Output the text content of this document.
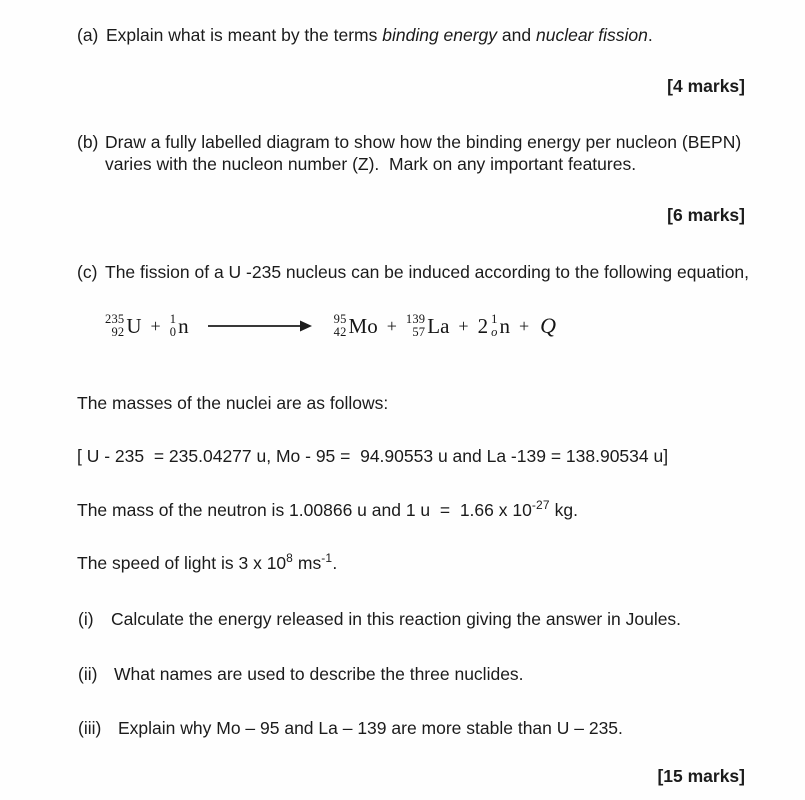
(a) Explain what is meant by the terms binding energy and nuclear fission.
[4 marks]
(b) Draw a fully labelled diagram to show how the binding energy per nucleon (BEPN)
varies with the nucleon number (Z).  Mark on any important features.
[6 marks]
(c) The fission of a U -235 nucleus can be induced according to the following equation,
235
92 U + 1
0 n	95
42 Mo + 139
57 La + 2 1
o n + Q
The masses of the nuclei are as follows:
[ U - 235  = 235.04277 u, Mo - 95 =  94.90553 u and La -139 = 138.90534 u]
The mass of the neutron is 1.00866 u and 1 u  =  1.66 x $10^{-27}$ kg.
The speed of light is 3 x $10^8$ $ms^{-1}$.
(i) Calculate the energy released in this reaction giving the answer in Joules.
(ii) What names are used to describe the three nuclides.
(iii) Explain why Mo – 95 and La – 139 are more stable than U – 235.
[15 marks]
